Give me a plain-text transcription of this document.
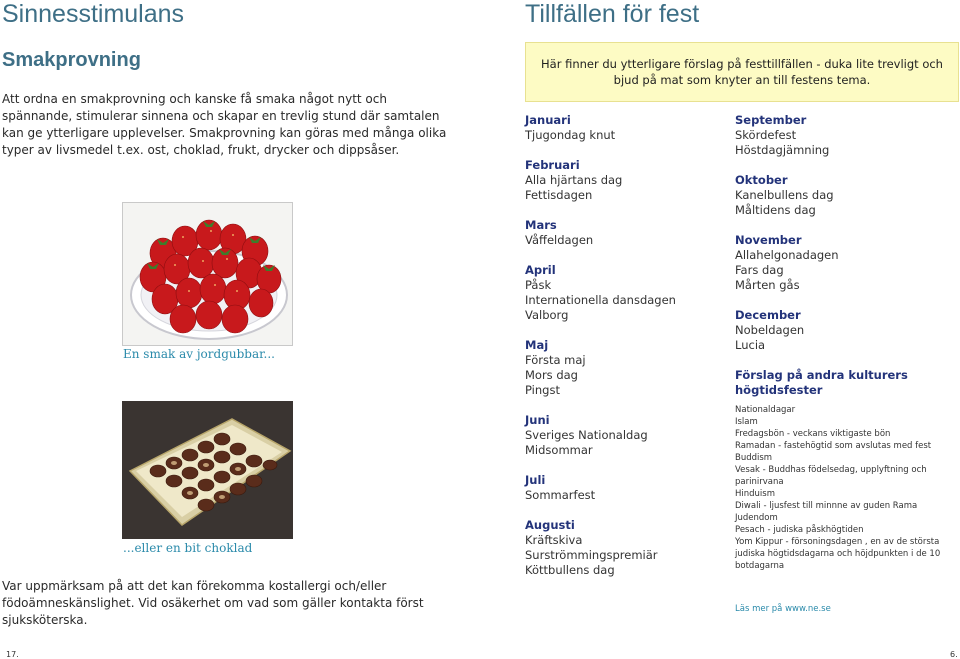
Sinnesstimulans
Smakprovning

Att ordna en smakprovning och kanske få smaka något nytt och spännande, stimulerar sinnena och skapar en trevlig stund där samtalen kan ge ytterligare upplevelser. Smakprovning kan göras med många olika typer av livsmedel t.ex. ost, choklad, frukt, drycker och dippsåser.

En smak av jordgubbar...
...eller en bit choklad

Var uppmärksam på att det kan förekomma kostallergi och/eller födoämneskänslighet. Vid osäkerhet om vad som gäller kontakta först sjuksköterska.

17.
Tillfällen för fest
Här finner du ytterligare förslag på festtillfällen - duka lite trevligt och bjud på mat som knyter an till festens tema.
Januari
Tjugondag knut
Februari
Alla hjärtans dag
Fettisdagen
Mars
Våffeldagen
April
Påsk
Internationella dansdagen
Valborg
Maj
Första maj
Mors dag
Pingst
Juni
Sveriges Nationaldag
Midsommar
Juli
Sommarfest
Augusti
Kräftskiva
Surströmmingspremiär
Köttbullens dag
September
Skördefest
Höstdagjämning
Oktober
Kanelbullens dag
Måltidens dag
November
Allahelgonadagen
Fars dag
Mårten gås
December
Nobeldagen
Lucia
Förslag på andra kulturers högtidsfester
Nationaldagar
Islam
Fredagsbön - veckans viktigaste bön
Ramadan - fastehögtid som avslutas med fest
Buddism
Vesak - Buddhas födelsedag, upplyftning och parinirvana
Hinduism
Diwali - ljusfest till minnne av guden Rama
Judendom
Pesach - judiska påskhögtiden
Yom Kippur - försoningsdagen , en av de största judiska högtidsdagarna och höjdpunkten i de 10 botdagarna
Läs mer på www.ne.se
6.
